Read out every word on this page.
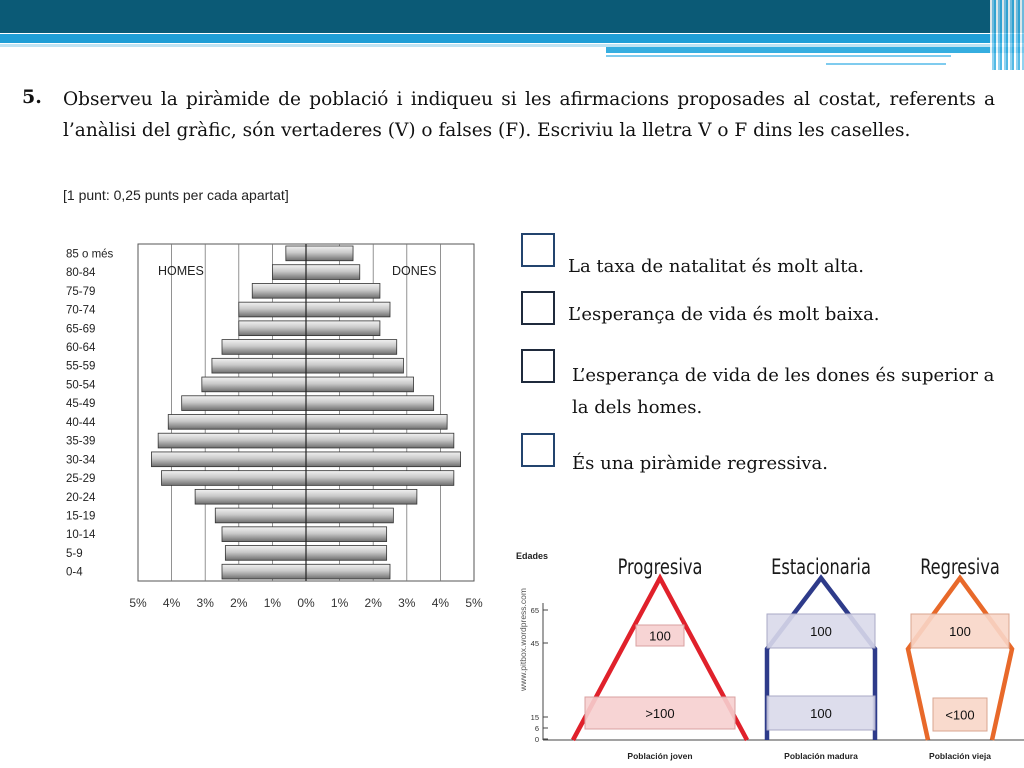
5. Observeu la piràmide de població i indiqueu si les afirmacions proposades al costat, referents a l’anàlisi del gràfic, són vertaderes (V) o falses (F). Escriviu la lletra V o F dins les caselles.
[1 punt: 0,25 punts per cada apartat]
85 o més
80-84
75-79
70-74
65-69
60-64
55-59
50-54
45-49
40-44
35-39
30-34
25-29
20-24
15-19
10-14
5-9
0-4
HOMES	DONES
5% 4% 3% 2% 1% 0% 1% 2% 3% 4% 5%
La taxa de natalitat és molt alta.
L’esperança de vida és molt baixa.
L’esperança de vida de les dones és superior a la dels homes.
És una piràmide regressiva.
Edades
www.pitbox.wordpress.com 65
45
15
6
0
Progresiva
100
>100
Población joven
Estacionaria
100
100
Población madura
Regresiva
100
<100
Población vieja
